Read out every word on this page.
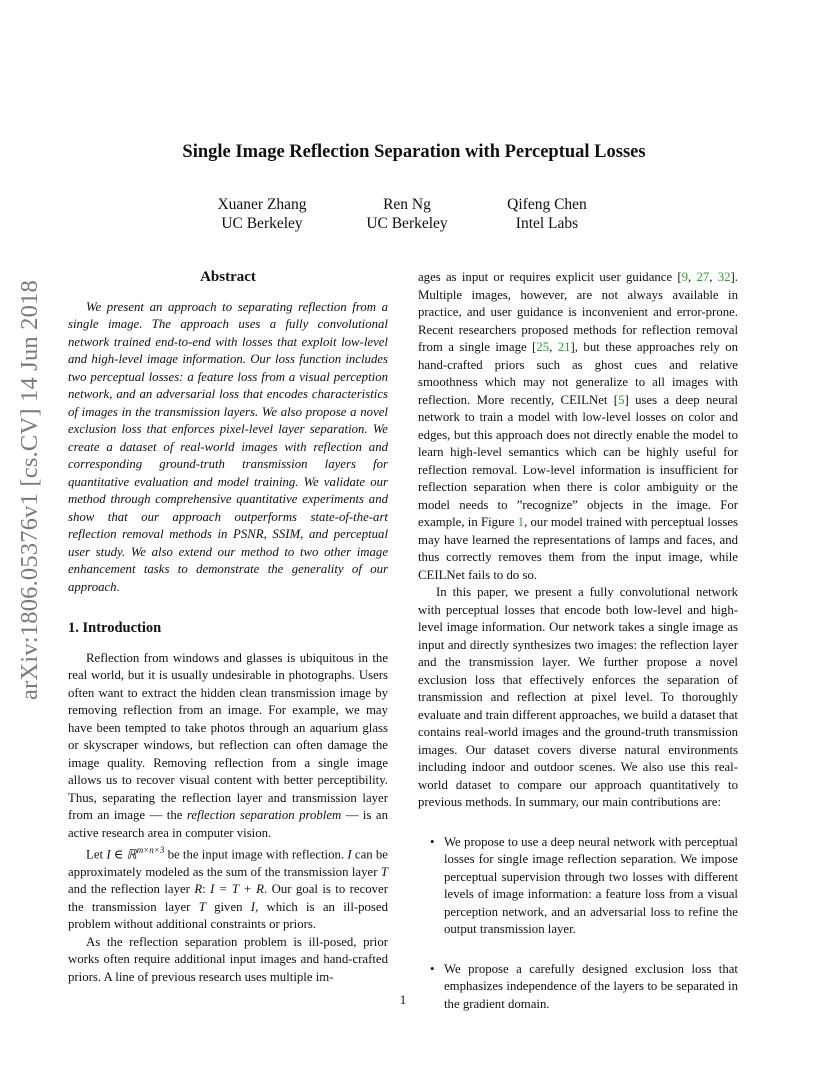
arXiv:1806.05376v1 [cs.CV] 14 Jun 2018
Single Image Reflection Separation with Perceptual Losses
Xuaner Zhang
UC Berkeley
Ren Ng
UC Berkeley
Qifeng Chen
Intel Labs
Abstract

We present an approach to separating reflection from a single image. The approach uses a fully convolutional network trained end-to-end with losses that exploit low-level and high-level image information. Our loss function includes two perceptual losses: a feature loss from a visual perception network, and an adversarial loss that encodes characteristics of images in the transmission layers. We also propose a novel exclusion loss that enforces pixel-level layer separation. We create a dataset of real-world images with reflection and corresponding ground-truth transmission layers for quantitative evaluation and model training. We validate our method through comprehensive quantitative experiments and show that our approach outperforms state-of-the-art reflection removal methods in PSNR, SSIM, and perceptual user study. We also extend our method to two other image enhancement tasks to demonstrate the generality of our approach.

1. Introduction

Reflection from windows and glasses is ubiquitous in the real world, but it is usually undesirable in photographs. Users often want to extract the hidden clean transmission image by removing reflection from an image. For example, we may have been tempted to take photos through an aquarium glass or skyscraper windows, but reflection can often damage the image quality. Removing reflection from a single image allows us to recover visual content with better perceptibility. Thus, separating the reflection layer and transmission layer from an image — the reflection separation problem — is an active research area in computer vision.

Let I ∈ ℝ$^{m\times n\times 3}$ be the input image with reflection. I can be approximately modeled as the sum of the transmission layer T and the reflection layer R: I = T + R. Our goal is to recover the transmission layer T given I, which is an ill-posed problem without additional constraints or priors.

As the reflection separation problem is ill-posed, prior works often require additional input images and hand-crafted priors. A line of previous research uses multiple im-

ages as input or requires explicit user guidance [9, 27, 32]. Multiple images, however, are not always available in practice, and user guidance is inconvenient and error-prone. Recent researchers proposed methods for reflection removal from a single image [25, 21], but these approaches rely on hand-crafted priors such as ghost cues and relative smoothness which may not generalize to all images with reflection. More recently, CEILNet [5] uses a deep neural network to train a model with low-level losses on color and edges, but this approach does not directly enable the model to learn high-level semantics which can be highly useful for reflection removal. Low-level information is insufficient for reflection separation when there is color ambiguity or the model needs to ”recognize” objects in the image. For example, in Figure 1, our model trained with perceptual losses may have learned the representations of lamps and faces, and thus correctly removes them from the input image, while CEILNet fails to do so.

In this paper, we present a fully convolutional network with perceptual losses that encode both low-level and high-level image information. Our network takes a single image as input and directly synthesizes two images: the reflection layer and the transmission layer. We further propose a novel exclusion loss that effectively enforces the separation of transmission and reflection at pixel level. To thoroughly evaluate and train different approaches, we build a dataset that contains real-world images and the ground-truth transmission images. Our dataset covers diverse natural environments including indoor and outdoor scenes. We also use this real-world dataset to compare our approach quantitatively to previous methods. In summary, our main contributions are:

• We propose to use a deep neural network with perceptual losses for single image reflection separation. We impose perceptual supervision through two losses with different levels of image information: a feature loss from a visual perception network, and an adversarial loss to refine the output transmission layer.
• We propose a carefully designed exclusion loss that emphasizes independence of the layers to be separated in the gradient domain.
1
